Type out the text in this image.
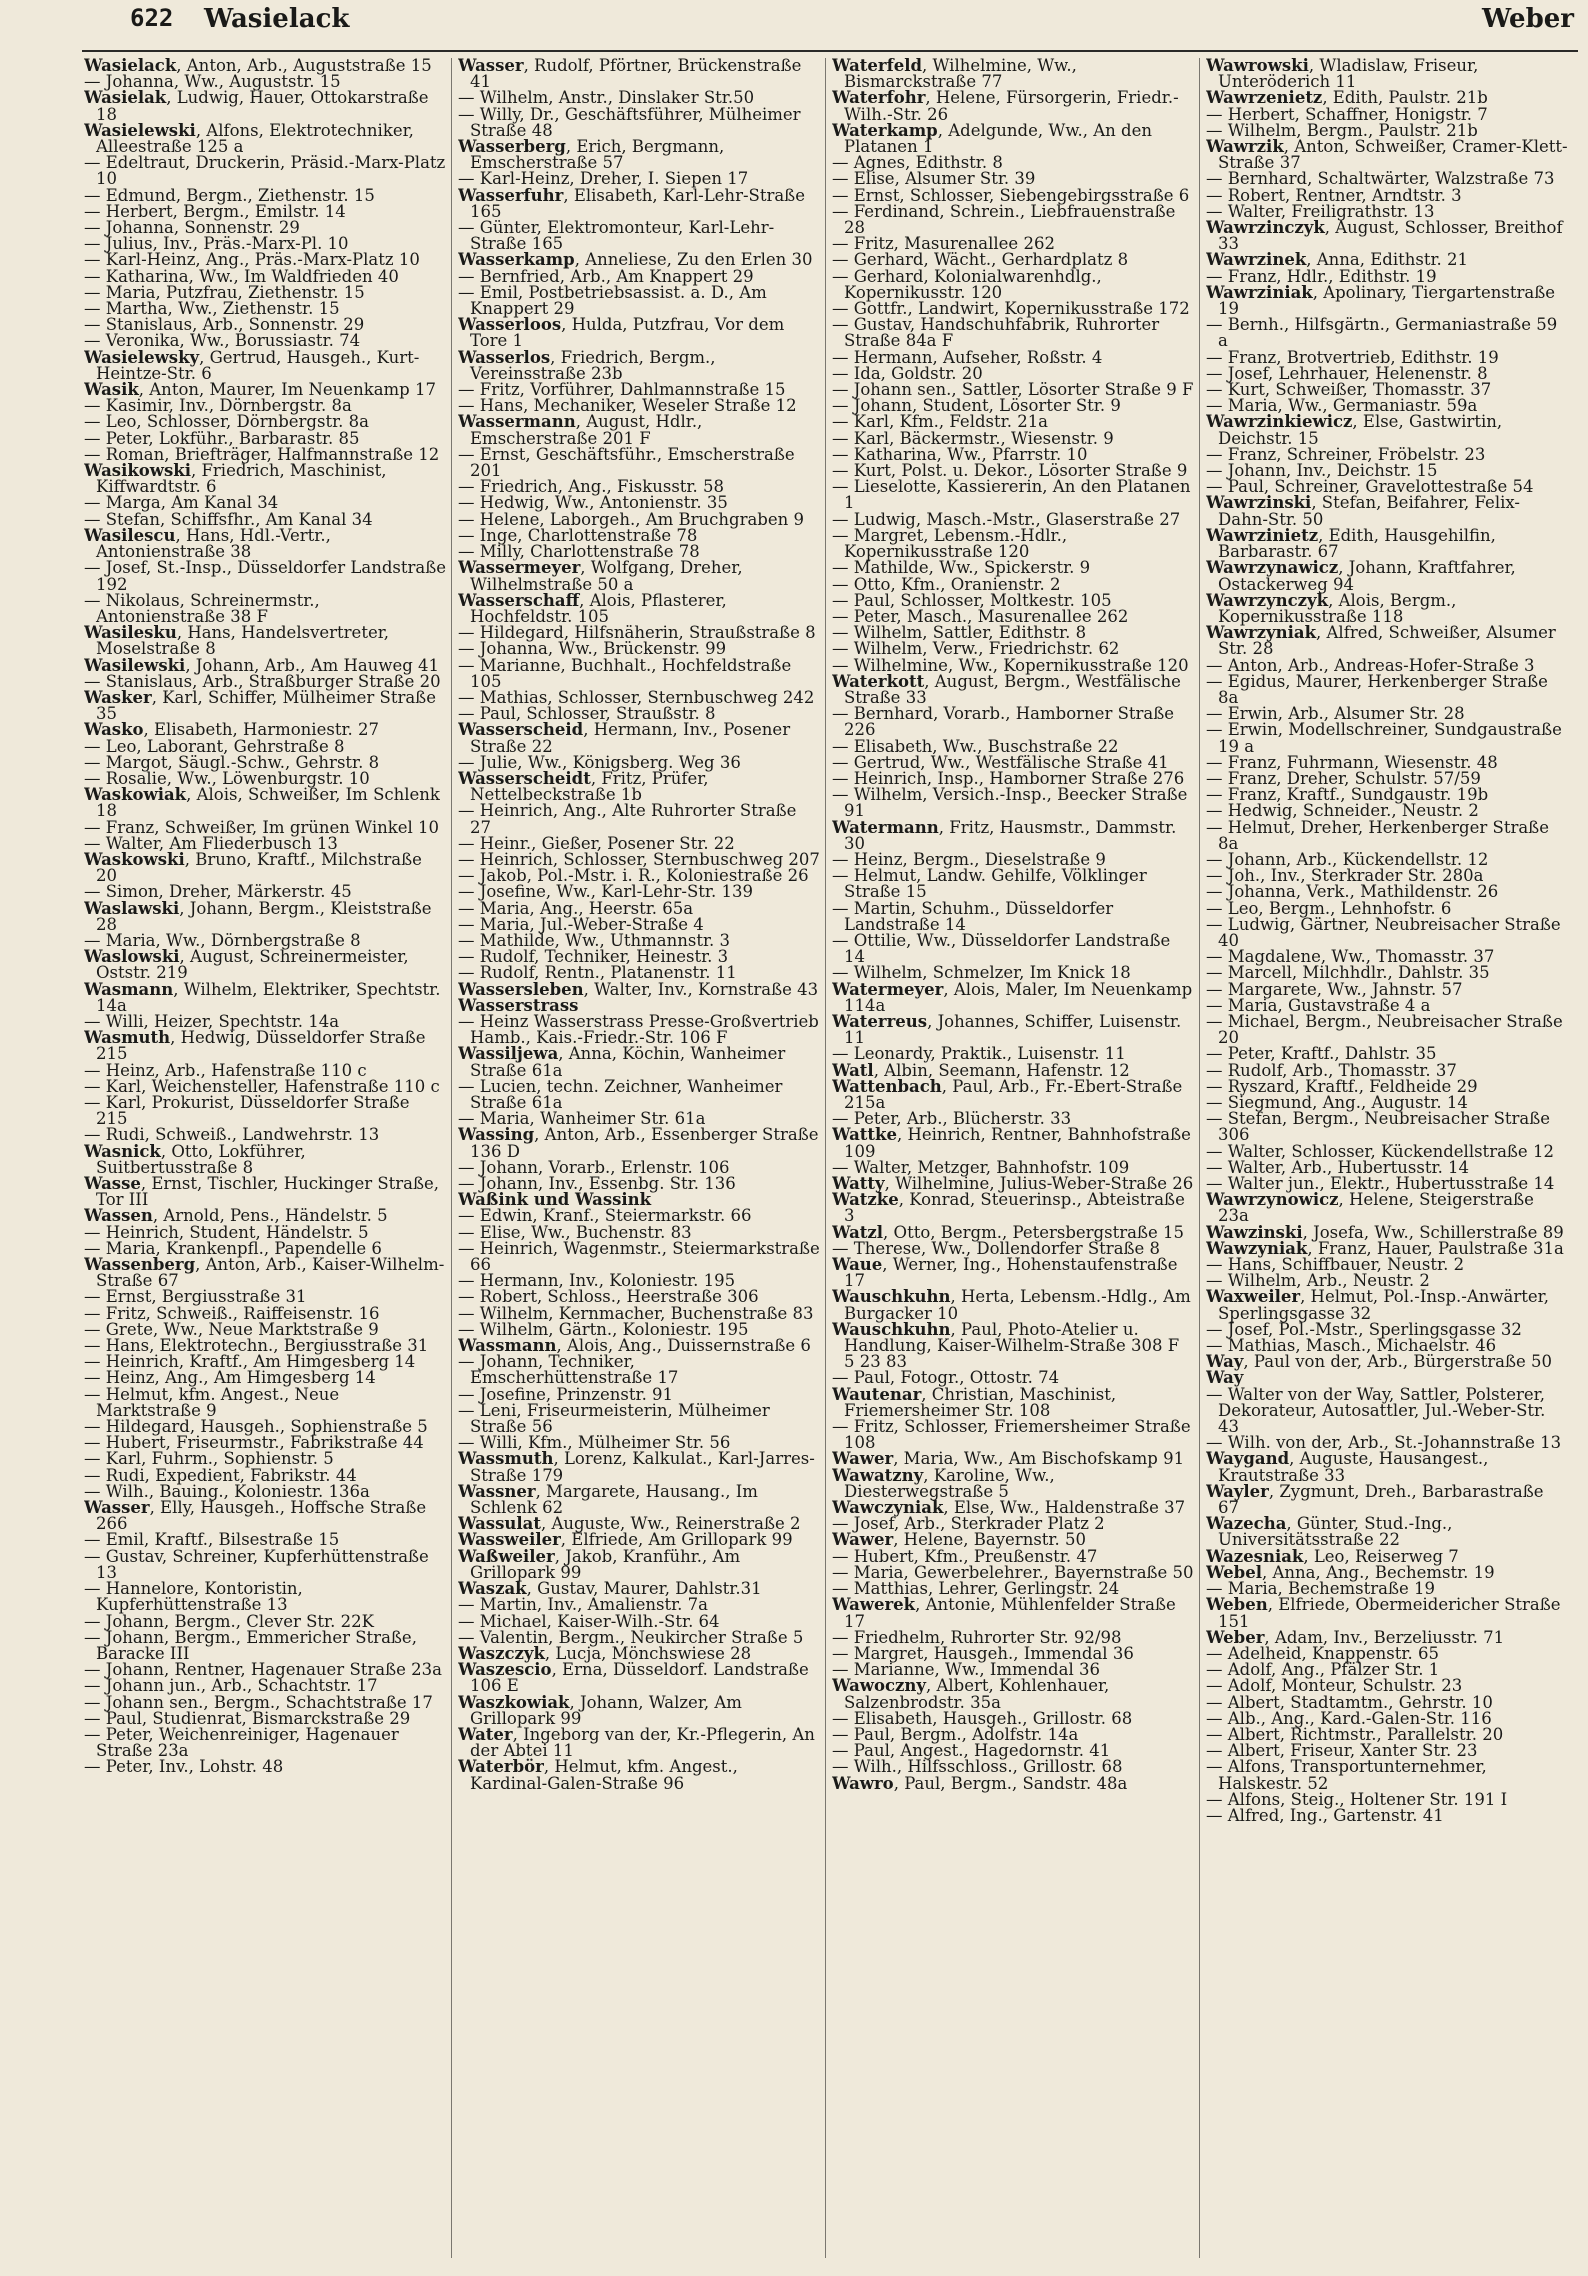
622 Wasielack	Weber
Wasielack, Anton, Arb., Auguststraße 15
— Johanna, Ww., Auguststr. 15
Wasielak, Ludwig, Hauer, Ottokarstraße 18
Wasielewski, Alfons, Elektrotechniker, Alleestraße 125 a
— Edeltraut, Druckerin, Präsid.-Marx-Platz 10
— Edmund, Bergm., Ziethenstr. 15
— Herbert, Bergm., Emilstr. 14
— Johanna, Sonnenstr. 29
— Julius, Inv., Präs.-Marx-Pl. 10
— Karl-Heinz, Ang., Präs.-Marx-Platz 10
— Katharina, Ww., Im Waldfrieden 40
— Maria, Putzfrau, Ziethenstr. 15
— Martha, Ww., Ziethenstr. 15
— Stanislaus, Arb., Sonnenstr. 29
— Veronika, Ww., Borussiastr. 74
Wasielewsky, Gertrud, Hausgeh., Kurt-Heintze-Str. 6
Wasik, Anton, Maurer, Im Neuenkamp 17
— Kasimir, Inv., Dörnbergstr. 8a
— Leo, Schlosser, Dörnbergstr. 8a
— Peter, Lokführ., Barbarastr. 85
— Roman, Briefträger, Halfmannstraße 12
Wasikowski, Friedrich, Maschinist, Kiffwardtstr. 6
— Marga, Am Kanal 34
— Stefan, Schiffsfhr., Am Kanal 34
Wasilescu, Hans, Hdl.-Vertr., Antonienstraße 38
— Josef, St.-Insp., Düsseldorfer Landstraße 192
— Nikolaus, Schreinermstr., Antonienstraße 38 F
Wasilesku, Hans, Handelsvertreter, Moselstraße 8
Wasilewski, Johann, Arb., Am Hauweg 41
— Stanislaus, Arb., Straßburger Straße 20
Wasker, Karl, Schiffer, Mülheimer Straße 35
Wasko, Elisabeth, Harmoniestr. 27
— Leo, Laborant, Gehrstraße 8
— Margot, Säugl.-Schw., Gehrstr. 8
— Rosalie, Ww., Löwenburgstr. 10
Waskowiak, Alois, Schweißer, Im Schlenk 18
— Franz, Schweißer, Im grünen Winkel 10
— Walter, Am Fliederbusch 13
Waskowski, Bruno, Kraftf., Milchstraße 20
— Simon, Dreher, Märkerstr. 45
Waslawski, Johann, Bergm., Kleiststraße 28
— Maria, Ww., Dörnbergstraße 8
Waslowski, August, Schreinermeister, Oststr. 219
Wasmann, Wilhelm, Elektriker, Spechtstr. 14a
— Willi, Heizer, Spechtstr. 14a
Wasmuth, Hedwig, Düsseldorfer Straße 215
— Heinz, Arb., Hafenstraße 110 c
— Karl, Weichensteller, Hafenstraße 110 c
— Karl, Prokurist, Düsseldorfer Straße 215
— Rudi, Schweiß., Landwehrstr. 13
Wasnick, Otto, Lokführer, Suitbertusstraße 8
Wasse, Ernst, Tischler, Huckinger Straße, Tor III
Wassen, Arnold, Pens., Händelstr. 5
— Heinrich, Student, Händelstr. 5
— Maria, Krankenpfl., Papendelle 6
Wassenberg, Anton, Arb., Kaiser-Wilhelm-Straße 67
— Ernst, Bergiusstraße 31
— Fritz, Schweiß., Raiffeisenstr. 16
— Grete, Ww., Neue Marktstraße 9
— Hans, Elektrotechn., Bergiusstraße 31
— Heinrich, Kraftf., Am Himgesberg 14
— Heinz, Ang., Am Himgesberg 14
— Helmut, kfm. Angest., Neue Marktstraße 9
— Hildegard, Hausgeh., Sophienstraße 5
— Hubert, Friseurmstr., Fabrikstraße 44
— Karl, Fuhrm., Sophienstr. 5
— Rudi, Expedient, Fabrikstr. 44
— Wilh., Bauing., Koloniestr. 136a
Wasser, Elly, Hausgeh., Hoffsche Straße 266
— Emil, Kraftf., Bilsestraße 15
— Gustav, Schreiner, Kupferhüttenstraße 13
— Hannelore, Kontoristin, Kupferhüttenstraße 13
— Johann, Bergm., Clever Str. 22K
— Johann, Bergm., Emmericher Straße, Baracke III
— Johann, Rentner, Hagenauer Straße 23a
— Johann jun., Arb., Schachtstr. 17
— Johann sen., Bergm., Schachtstraße 17
— Paul, Studienrat, Bismarckstraße 29
— Peter, Weichenreiniger, Hagenauer Straße 23a
— Peter, Inv., Lohstr. 48
Wasser, Rudolf, Pförtner, Brückenstraße 41
— Wilhelm, Anstr., Dinslaker Str.50
— Willy, Dr., Geschäftsführer, Mülheimer Straße 48
Wasserberg, Erich, Bergmann, Emscherstraße 57
— Karl-Heinz, Dreher, I. Siepen 17
Wasserfuhr, Elisabeth, Karl-Lehr-Straße 165
— Günter, Elektromonteur, Karl-Lehr-Straße 165
Wasserkamp, Anneliese, Zu den Erlen 30
— Bernfried, Arb., Am Knappert 29
— Emil, Postbetriebsassist. a. D., Am Knappert 29
Wasserloos, Hulda, Putzfrau, Vor dem Tore 1
Wasserlos, Friedrich, Bergm., Vereinsstraße 23b
— Fritz, Vorführer, Dahlmannstraße 15
— Hans, Mechaniker, Weseler Straße 12
Wassermann, August, Hdlr., Emscherstraße 201 F
— Ernst, Geschäftsführ., Emscherstraße 201
— Friedrich, Ang., Fiskusstr. 58
— Hedwig, Ww., Antonienstr. 35
— Helene, Laborgeh., Am Bruchgraben 9
— Inge, Charlottenstraße 78
— Milly, Charlottenstraße 78
Wassermeyer, Wolfgang, Dreher, Wilhelmstraße 50 a
Wasserschaff, Alois, Pflasterer, Hochfeldstr. 105
— Hildegard, Hilfsnäherin, Straußstraße 8
— Johanna, Ww., Brückenstr. 99
— Marianne, Buchhalt., Hochfeldstraße 105
— Mathias, Schlosser, Sternbuschweg 242
— Paul, Schlosser, Straußstr. 8
Wasserscheid, Hermann, Inv., Posener Straße 22
— Julie, Ww., Königsberg. Weg 36
Wasserscheidt, Fritz, Prüfer, Nettelbeckstraße 1b
— Heinrich, Ang., Alte Ruhrorter Straße 27
— Heinr., Gießer, Posener Str. 22
— Heinrich, Schlosser, Sternbuschweg 207
— Jakob, Pol.-Mstr. i. R., Koloniestraße 26
— Josefine, Ww., Karl-Lehr-Str. 139
— Maria, Ang., Heerstr. 65a
— Maria, Jul.-Weber-Straße 4
— Mathilde, Ww., Uthmannstr. 3
— Rudolf, Techniker, Heinestr. 3
— Rudolf, Rentn., Platanenstr. 11
Wassersleben, Walter, Inv., Kornstraße 43
Wasserstrass
— Heinz Wasserstrass Presse-Großvertrieb Hamb., Kais.-Friedr.-Str. 106 F
Wassiljewa, Anna, Köchin, Wanheimer Straße 61a
— Lucien, techn. Zeichner, Wanheimer Straße 61a
— Maria, Wanheimer Str. 61a
Wassing, Anton, Arb., Essenberger Straße 136 D
— Johann, Vorarb., Erlenstr. 106
— Johann, Inv., Essenbg. Str. 136
Waßink und Wassink
— Edwin, Kranf., Steiermarkstr. 66
— Elise, Ww., Buchenstr. 83
— Heinrich, Wagenmstr., Steiermarkstraße 66
— Hermann, Inv., Koloniestr. 195
— Robert, Schloss., Heerstraße 306
— Wilhelm, Kernmacher, Buchenstraße 83
— Wilhelm, Gärtn., Koloniestr. 195
Wassmann, Alois, Ang., Duissernstraße 6
— Johann, Techniker, Emscherhüttenstraße 17
— Josefine, Prinzenstr. 91
— Leni, Friseurmeisterin, Mülheimer Straße 56
— Willi, Kfm., Mülheimer Str. 56
Wassmuth, Lorenz, Kalkulat., Karl-Jarres-Straße 179
Wassner, Margarete, Hausang., Im Schlenk 62
Wassulat, Auguste, Ww., Reinerstraße 2
Wassweiler, Elfriede, Am Grillopark 99
Waßweiler, Jakob, Kranführ., Am Grillopark 99
Waszak, Gustav, Maurer, Dahlstr.31
— Martin, Inv., Amalienstr. 7a
— Michael, Kaiser-Wilh.-Str. 64
— Valentin, Bergm., Neukircher Straße 5
Waszczyk, Lucja, Mönchswiese 28
Waszescio, Erna, Düsseldorf. Landstraße 106 E
Waszkowiak, Johann, Walzer, Am Grillopark 99
Water, Ingeborg van der, Kr.-Pflegerin, An der Abtei 11
Waterbör, Helmut, kfm. Angest., Kardinal-Galen-Straße 96
Waterfeld, Wilhelmine, Ww., Bismarckstraße 77
Waterfohr, Helene, Fürsorgerin, Friedr.-Wilh.-Str. 26
Waterkamp, Adelgunde, Ww., An den Platanen 1
— Agnes, Edithstr. 8
— Elise, Alsumer Str. 39
— Ernst, Schlosser, Siebengebirgsstraße 6
— Ferdinand, Schrein., Liebfrauenstraße 28
— Fritz, Masurenallee 262
— Gerhard, Wächt., Gerhardplatz 8
— Gerhard, Kolonialwarenhdlg., Kopernikusstr. 120
— Gottfr., Landwirt, Kopernikusstraße 172
— Gustav, Handschuhfabrik, Ruhrorter Straße 84a F
— Hermann, Aufseher, Roßstr. 4
— Ida, Goldstr. 20
— Johann sen., Sattler, Lösorter Straße 9 F
— Johann, Student, Lösorter Str. 9
— Karl, Kfm., Feldstr. 21a
— Karl, Bäckermstr., Wiesenstr. 9
— Katharina, Ww., Pfarrstr. 10
— Kurt, Polst. u. Dekor., Lösorter Straße 9
— Lieselotte, Kassiererin, An den Platanen 1
— Ludwig, Masch.-Mstr., Glaserstraße 27
— Margret, Lebensm.-Hdlr., Kopernikusstraße 120
— Mathilde, Ww., Spickerstr. 9
— Otto, Kfm., Oranienstr. 2
— Paul, Schlosser, Moltkestr. 105
— Peter, Masch., Masurenallee 262
— Wilhelm, Sattler, Edithstr. 8
— Wilhelm, Verw., Friedrichstr. 62
— Wilhelmine, Ww., Kopernikusstraße 120
Waterkott, August, Bergm., Westfälische Straße 33
— Bernhard, Vorarb., Hamborner Straße 226
— Elisabeth, Ww., Buschstraße 22
— Gertrud, Ww., Westfälische Straße 41
— Heinrich, Insp., Hamborner Straße 276
— Wilhelm, Versich.-Insp., Beecker Straße 91
Watermann, Fritz, Hausmstr., Dammstr. 30
— Heinz, Bergm., Dieselstraße 9
— Helmut, Landw. Gehilfe, Völklinger Straße 15
— Martin, Schuhm., Düsseldorfer Landstraße 14
— Ottilie, Ww., Düsseldorfer Landstraße 14
— Wilhelm, Schmelzer, Im Knick 18
Watermeyer, Alois, Maler, Im Neuenkamp 114a
Waterreus, Johannes, Schiffer, Luisenstr. 11
— Leonardy, Praktik., Luisenstr. 11
Watl, Albin, Seemann, Hafenstr. 12
Wattenbach, Paul, Arb., Fr.-Ebert-Straße 215a
— Peter, Arb., Blücherstr. 33
Wattke, Heinrich, Rentner, Bahnhofstraße 109
— Walter, Metzger, Bahnhofstr. 109
Watty, Wilhelmine, Julius-Weber-Straße 26
Watzke, Konrad, Steuerinsp., Abteistraße 3
Watzl, Otto, Bergm., Petersbergstraße 15
— Therese, Ww., Dollendorfer Straße 8
Waue, Werner, Ing., Hohenstaufenstraße 17
Wauschkuhn, Herta, Lebensm.-Hdlg., Am Burgacker 10
Wauschkuhn, Paul, Photo-Atelier u. Handlung, Kaiser-Wilhelm-Straße 308 F 5 23 83
— Paul, Fotogr., Ottostr. 74
Wautenar, Christian, Maschinist, Friemersheimer Str. 108
— Fritz, Schlosser, Friemersheimer Straße 108
Wawer, Maria, Ww., Am Bischofskamp 91
Wawatzny, Karoline, Ww., Diesterwegstraße 5
Wawczyniak, Else, Ww., Haldenstraße 37
— Josef, Arb., Sterkrader Platz 2
Wawer, Helene, Bayernstr. 50
— Hubert, Kfm., Preußenstr. 47
— Maria, Gewerbelehrer., Bayernstraße 50
— Matthias, Lehrer, Gerlingstr. 24
Wawerek, Antonie, Mühlenfelder Straße 17
— Friedhelm, Ruhrorter Str. 92/98
— Margret, Hausgeh., Immendal 36
— Marianne, Ww., Immendal 36
Wawoczny, Albert, Kohlenhauer, Salzenbrodstr. 35a
— Elisabeth, Hausgeh., Grillostr. 68
— Paul, Bergm., Adolfstr. 14a
— Paul, Angest., Hagedornstr. 41
— Wilh., Hilfsschloss., Grillostr. 68
Wawro, Paul, Bergm., Sandstr. 48a
Wawrowski, Wladislaw, Friseur, Unteröderich 11
Wawrzenietz, Edith, Paulstr. 21b
— Herbert, Schaffner, Honigstr. 7
— Wilhelm, Bergm., Paulstr. 21b
Wawrzik, Anton, Schweißer, Cramer-Klett-Straße 37
— Bernhard, Schaltwärter, Walzstraße 73
— Robert, Rentner, Arndtstr. 3
— Walter, Freiligrathstr. 13
Wawrzinczyk, August, Schlosser, Breithof 33
Wawrzinek, Anna, Edithstr. 21
— Franz, Hdlr., Edithstr. 19
Wawrziniak, Apolinary, Tiergartenstraße 19
— Bernh., Hilfsgärtn., Germaniastraße 59 a
— Franz, Brotvertrieb, Edithstr. 19
— Josef, Lehrhauer, Helenenstr. 8
— Kurt, Schweißer, Thomasstr. 37
— Maria, Ww., Germaniastr. 59a
Wawrzinkiewicz, Else, Gastwirtin, Deichstr. 15
— Franz, Schreiner, Fröbelstr. 23
— Johann, Inv., Deichstr. 15
— Paul, Schreiner, Gravelottestraße 54
Wawrzinski, Stefan, Beifahrer, Felix-Dahn-Str. 50
Wawrzinietz, Edith, Hausgehilfin, Barbarastr. 67
Wawrzynawicz, Johann, Kraftfahrer, Ostackerweg 94
Wawrzynczyk, Alois, Bergm., Kopernikusstraße 118
Wawrzyniak, Alfred, Schweißer, Alsumer Str. 28
— Anton, Arb., Andreas-Hofer-Straße 3
— Egidus, Maurer, Herkenberger Straße 8a
— Erwin, Arb., Alsumer Str. 28
— Erwin, Modellschreiner, Sundgaustraße 19 a
— Franz, Fuhrmann, Wiesenstr. 48
— Franz, Dreher, Schulstr. 57/59
— Franz, Kraftf., Sundgaustr. 19b
— Hedwig, Schneider., Neustr. 2
— Helmut, Dreher, Herkenberger Straße 8a
— Johann, Arb., Kückendellstr. 12
— Joh., Inv., Sterkrader Str. 280a
— Johanna, Verk., Mathildenstr. 26
— Leo, Bergm., Lehnhofstr. 6
— Ludwig, Gärtner, Neubreisacher Straße 40
— Magdalene, Ww., Thomasstr. 37
— Marcell, Milchhdlr., Dahlstr. 35
— Margarete, Ww., Jahnstr. 57
— Maria, Gustavstraße 4 a
— Michael, Bergm., Neubreisacher Straße 20
— Peter, Kraftf., Dahlstr. 35
— Rudolf, Arb., Thomasstr. 37
— Ryszard, Kraftf., Feldheide 29
— Siegmund, Ang., Augustr. 14
— Stefan, Bergm., Neubreisacher Straße 306
— Walter, Schlosser, Kückendellstraße 12
— Walter, Arb., Hubertusstr. 14
— Walter jun., Elektr., Hubertusstraße 14
Wawrzynowicz, Helene, Steigerstraße 23a
Wawzinski, Josefa, Ww., Schillerstraße 89
Wawzyniak, Franz, Hauer, Paulstraße 31a
— Hans, Schiffbauer, Neustr. 2
— Wilhelm, Arb., Neustr. 2
Waxweiler, Helmut, Pol.-Insp.-Anwärter, Sperlingsgasse 32
— Josef, Pol.-Mstr., Sperlingsgasse 32
— Mathias, Masch., Michaelstr. 46
Way, Paul von der, Arb., Bürgerstraße 50
Way
— Walter von der Way, Sattler, Polsterer, Dekorateur, Autosattler, Jul.-Weber-Str. 43
— Wilh. von der, Arb., St.-Johannstraße 13
Waygand, Auguste, Hausangest., Krautstraße 33
Wayler, Zygmunt, Dreh., Barbarastraße 67
Wazecha, Günter, Stud.-Ing., Universitätsstraße 22
Wazesniak, Leo, Reiserweg 7
Webel, Anna, Ang., Bechemstr. 19
— Maria, Bechemstraße 19
Weben, Elfriede, Obermeidericher Straße 151
Weber, Adam, Inv., Berzeliusstr. 71
— Adelheid, Knappenstr. 65
— Adolf, Ang., Pfälzer Str. 1
— Adolf, Monteur, Schulstr. 23
— Albert, Stadtamtm., Gehrstr. 10
— Alb., Ang., Kard.-Galen-Str. 116
— Albert, Richtmstr., Parallelstr. 20
— Albert, Friseur, Xanter Str. 23
— Alfons, Transportunternehmer, Halskestr. 52
— Alfons, Steig., Holtener Str. 191 I
— Alfred, Ing., Gartenstr. 41
